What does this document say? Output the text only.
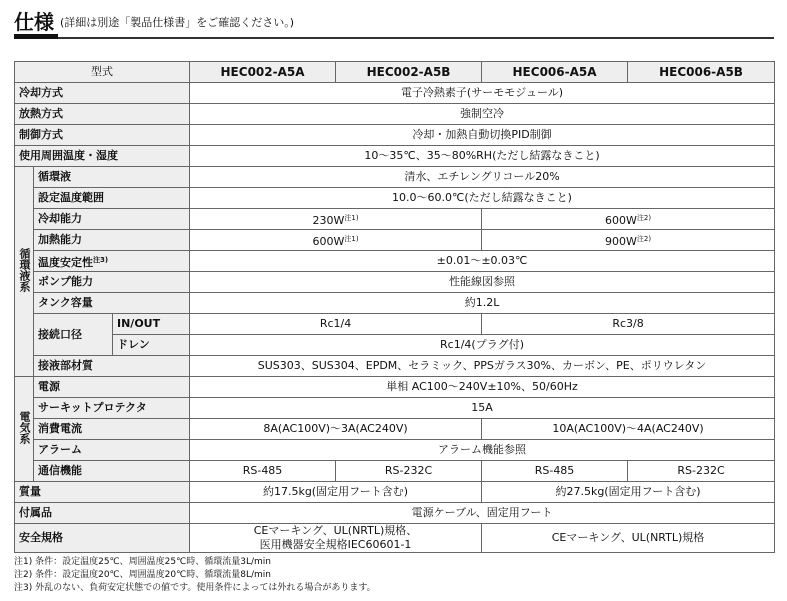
仕様 (詳細は別途「製品仕様書」をご確認ください。)
型式			HEC002-A5A	HEC002-A5B	HEC006-A5A	HEC006-A5B
冷却方式			電子冷熱素子(サーモモジュール)			
放熱方式			強制空冷			
制御方式			冷却・加熱自動切換PID制御			
使用周囲温度・湿度			10～35℃、35～80%RH(ただし結露なきこと)			
循環液系	循環液		清水、エチレングリコール20%			
	設定温度範囲		10.0～60.0℃(ただし結露なきこと)			
	冷却能力		$230W^{注1)}$		$600W^{注2)}$
	加熱能力		$600W^{注1)}$		$900W^{注2)}$
	温度安定性$^{注3)}$		±0.01～±0.03℃			
	ポンプ能力		性能線図参照			
	タンク容量		約1.2L			
	接続口径	IN/OUT	Rc1/4		Rc3/8	
		ドレン	Rc1/4(プラグ付)			
	接液部材質		SUS303、SUS304、EPDM、セラミック、PPSガラス30%、カーボン、PE、ポリウレタン			
電気系	電源		単相 AC100～240V±10%、50/60Hz			
	サーキットプロテクタ		15A			
	消費電流		8A(AC100V)～3A(AC240V)		10A(AC100V)～4A(AC240V)	
	アラーム		アラーム機能参照			
	通信機能		RS-485	RS-232C	RS-485	RS-232C
質量			約17.5kg(固定用フート含む)		約27.5kg(固定用フート含む)	
付属品			電源ケーブル、固定用フート			
安全規格			CEマーキング、UL(NRTL)規格、
医用機器安全規格IEC60601-1		CEマーキング、UL(NRTL)規格	
注1) 条件：設定温度25℃、周囲温度25℃時、循環流量3L/min
注2) 条件：設定温度20℃、周囲温度20℃時、循環流量8L/min
注3) 外乱のない、負荷安定状態での値です。使用条件によっては外れる場合があります。
